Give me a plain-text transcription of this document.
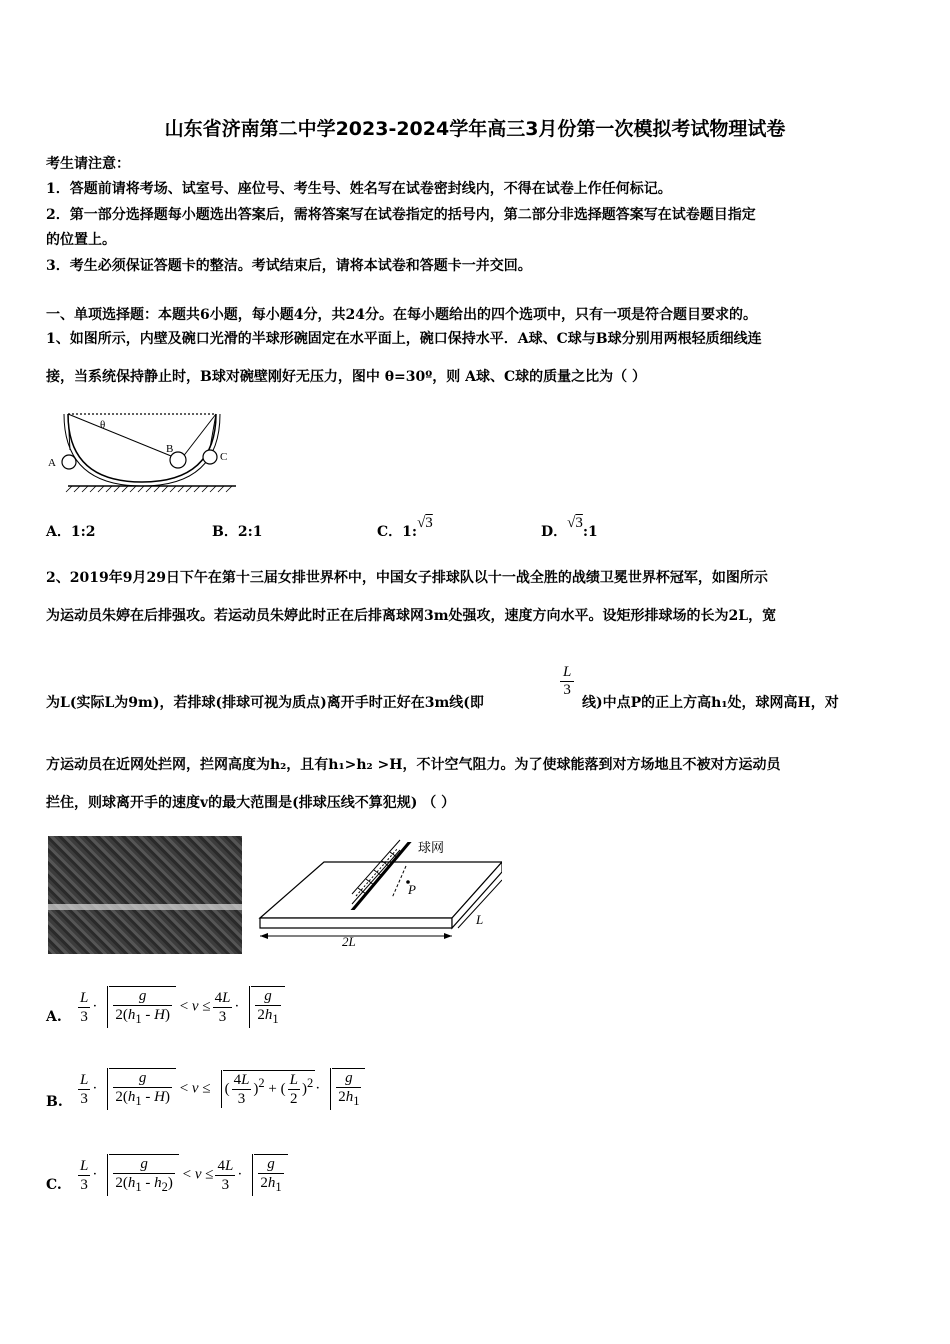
山东省济南第二中学2023-2024学年高三3月份第一次模拟考试物理试卷
考生请注意：
1．答题前请将考场、试室号、座位号、考生号、姓名写在试卷密封线内，不得在试卷上作任何标记。
2．第一部分选择题每小题选出答案后，需将答案写在试卷指定的括号内，第二部分非选择题答案写在试卷题目指定
的位置上。
3．考生必须保证答题卡的整洁。考试结束后，请将本试卷和答题卡一并交回。
一、单项选择题：本题共6小题，每小题4分，共24分。在每小题给出的四个选项中，只有一项是符合题目要求的。
1、如图所示，内壁及碗口光滑的半球形碗固定在水平面上，碗口保持水平．A球、C球与B球分别用两根轻质细线连
接，当系统保持静止时，B球对碗壁刚好无压力，图中 θ=30º，则 A球、C球的质量之比为（ ）
A
B
C
θ
A．1:2	B．2:1	C．1:√3
D．√3:1
2、2019年9月29日下午在第十三届女排世界杯中，中国女子排球队以十一战全胜的战绩卫冕世界杯冠军，如图所示
为运动员朱婷在后排强攻。若运动员朱婷此时正在后排离球网3m处强攻，速度方向水平。设矩形排球场的长为2L，宽
为L(实际L为9m)，若排球(排球可视为质点)离开手时正好在3m线(即
L
3
线)中点P的正上方高h₁处，球网高H，对
方运动员在近网处拦网，拦网高度为h₂，且有h₁>h₂ >H，不计空气阻力。为了使球能落到对方场地且不被对方运动员
拦住，则球离开手的速度v的最大范围是(排球压线不算犯规) （ ）
球网
P
2L
L
A. $\frac{L}{3} \cdot \frac{g}{2(h_1 - H)} < v \le \frac{4L}{3} \cdot \frac{g}{2h_1}$
B. $\frac{L}{3} \cdot \frac{g}{2(h_1 - H)} < v$ ≤ ( $\frac{4L}{3} )^2$ + ( $\frac{L}{2} )^2 \cdot \frac{g}{2h_1}$
C. $\frac{L}{3} \cdot \frac{g}{2(h_1 - h_2)} < v \le \frac{4L}{3} \cdot \frac{g}{2h_1}$
